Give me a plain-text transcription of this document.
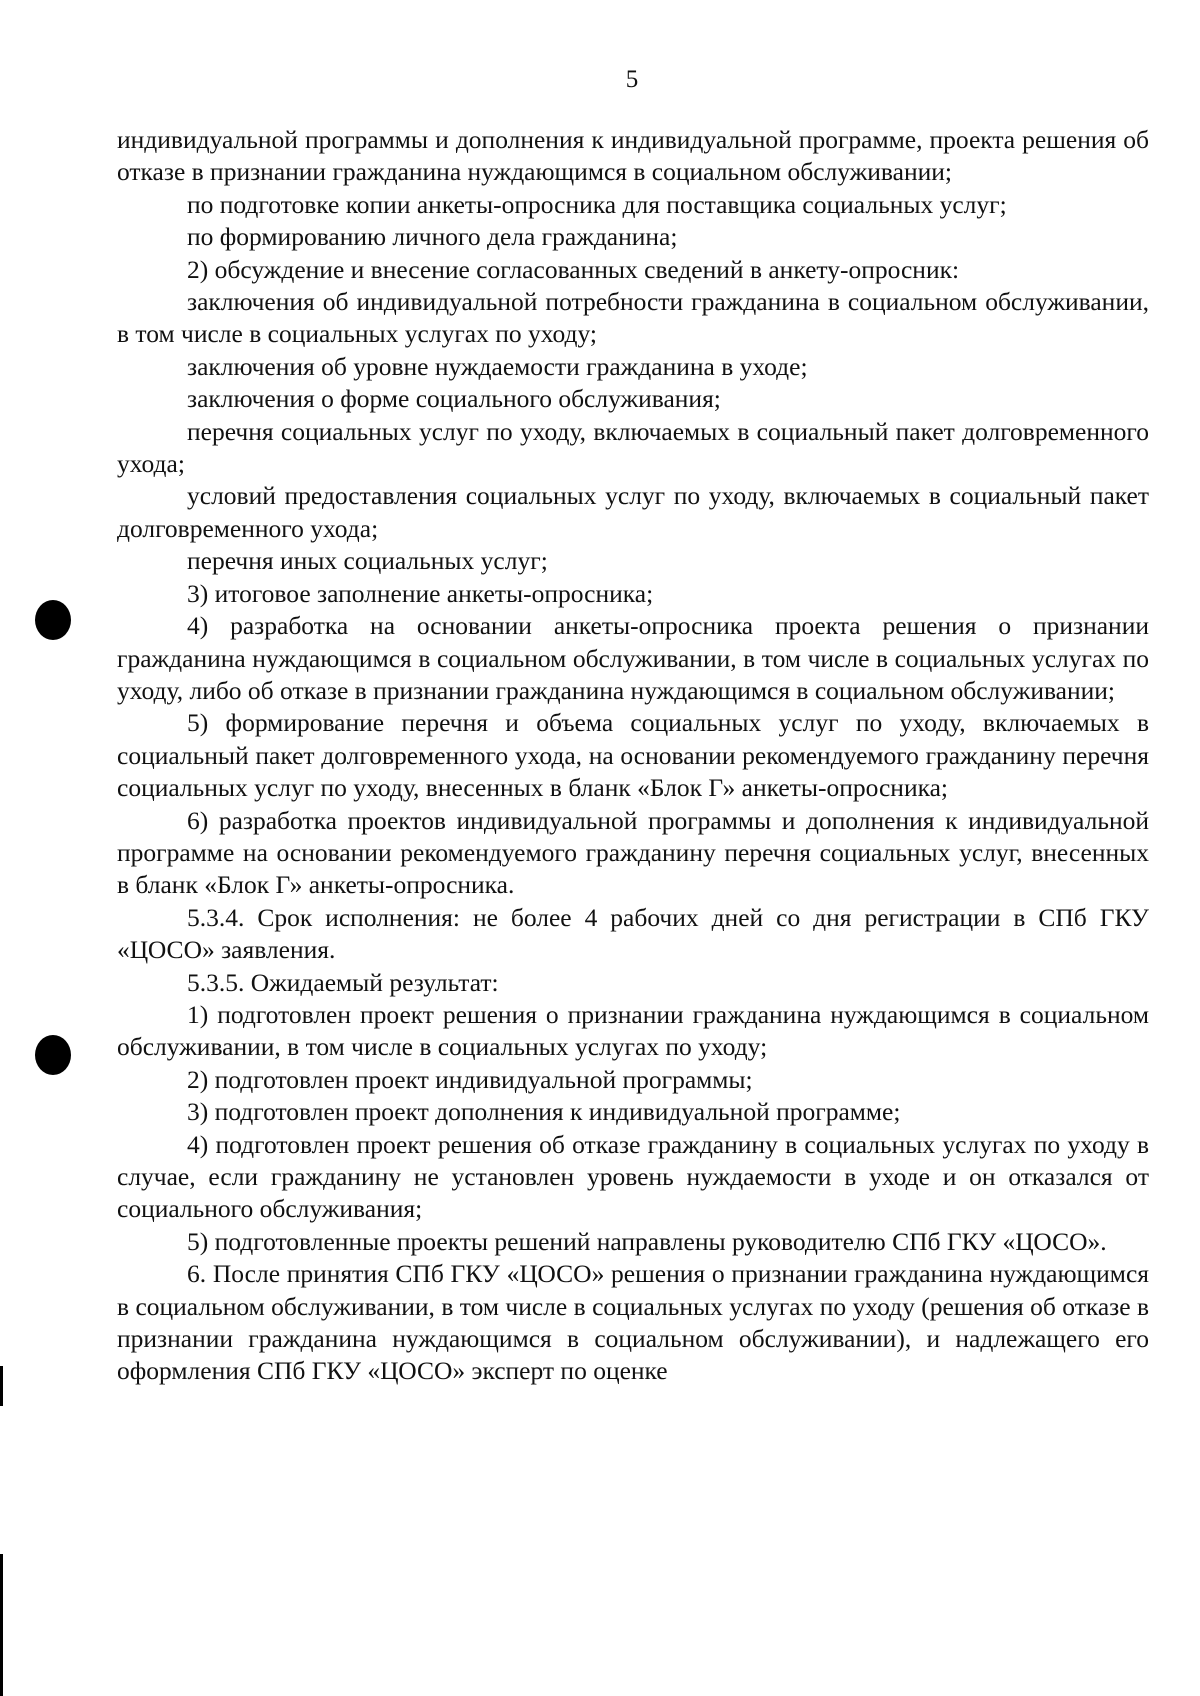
5

индивидуальной программы и дополнения к индивидуальной программе, проекта решения об отказе в признании гражданина нуждающимся в социальном обслуживании;

по подготовке копии анкеты-опросника для поставщика социальных услуг;

по формированию личного дела гражданина;

2) обсуждение и внесение согласованных сведений в анкету-опросник:

заключения об индивидуальной потребности гражданина в социальном обслуживании, в том числе в социальных услугах по уходу;

заключения об уровне нуждаемости гражданина в уходе;

заключения о форме социального обслуживания;

перечня социальных услуг по уходу, включаемых в социальный пакет долговременного ухода;

условий предоставления социальных услуг по уходу, включаемых в социальный пакет долговременного ухода;

перечня иных социальных услуг;

3) итоговое заполнение анкеты-опросника;

4) разработка на основании анкеты-опросника проекта решения о признании гражданина нуждающимся в социальном обслуживании, в том числе в социальных услугах по уходу, либо об отказе в признании гражданина нуждающимся в социальном обслуживании;

5) формирование перечня и объема социальных услуг по уходу, включаемых в социальный пакет долговременного ухода, на основании рекомендуемого гражданину перечня социальных услуг по уходу, внесенных в бланк «Блок Г» анкеты-опросника;

6) разработка проектов индивидуальной программы и дополнения к индивидуальной программе на основании рекомендуемого гражданину перечня социальных услуг, внесенных в бланк «Блок Г» анкеты-опросника.

5.3.4. Срок исполнения: не более 4 рабочих дней со дня регистрации в СПб ГКУ «ЦОСО» заявления.

5.3.5. Ожидаемый результат:

1) подготовлен проект решения о признании гражданина нуждающимся в социальном обслуживании, в том числе в социальных услугах по уходу;

2) подготовлен проект индивидуальной программы;

3) подготовлен проект дополнения к индивидуальной программе;

4) подготовлен проект решения об отказе гражданину в социальных услугах по уходу в случае, если гражданину не установлен уровень нуждаемости в уходе и он отказался от социального обслуживания;

5) подготовленные проекты решений направлены руководителю СПб ГКУ «ЦОСО».

6. После принятия СПб ГКУ «ЦОСО» решения о признании гражданина нуждающимся в социальном обслуживании, в том числе в социальных услугах по уходу (решения об отказе в признании гражданина нуждающимся в социальном обслуживании), и надлежащего его оформления СПб ГКУ «ЦОСО» эксперт по оценке
